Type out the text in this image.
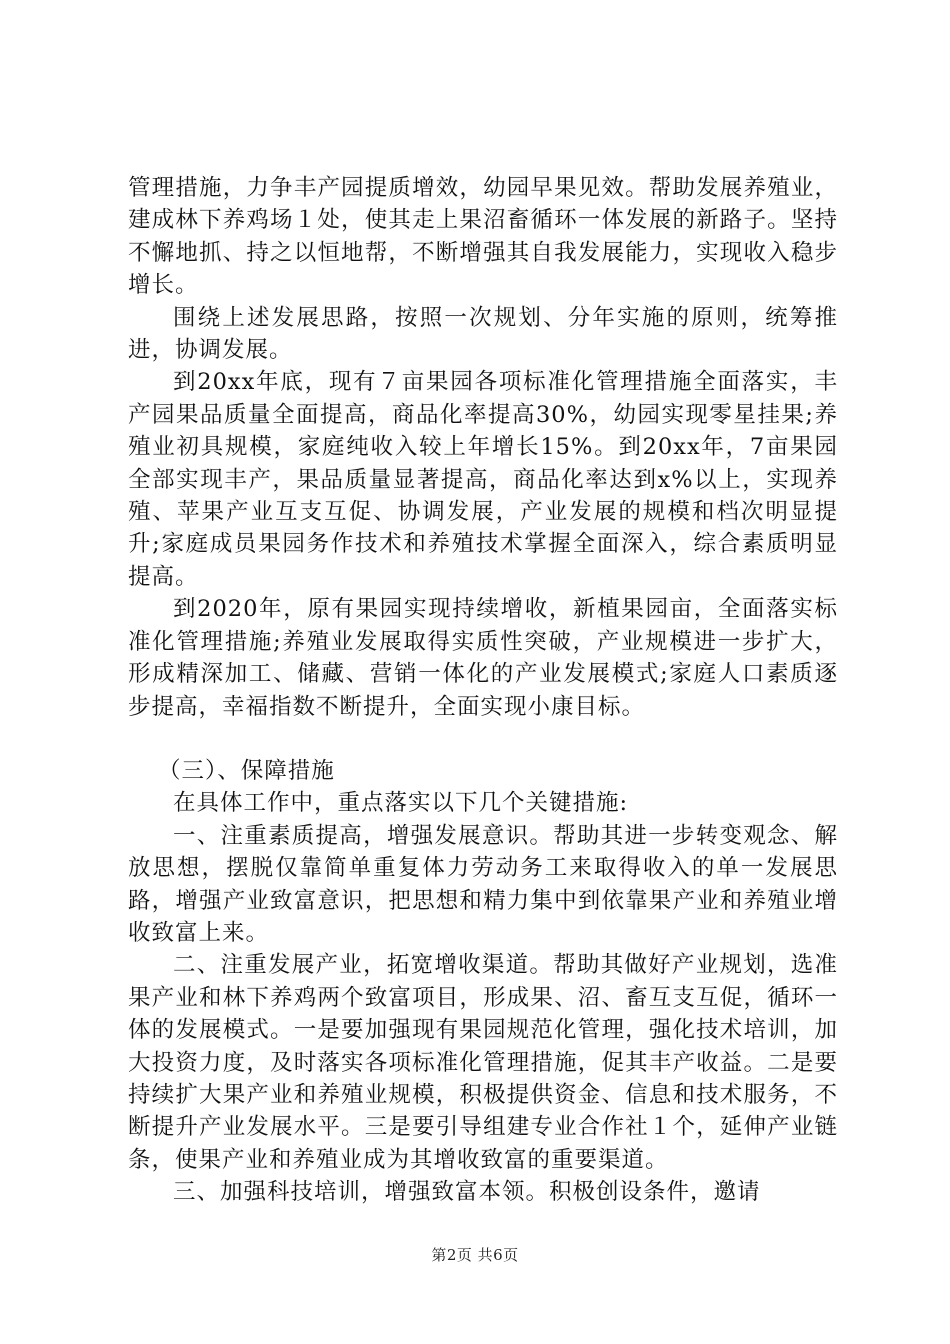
管理措施，力争丰产园提质增效，幼园早果见效。帮助发展养殖业，建成林下养鸡场１处，使其走上果沼畜循环一体发展的新路子。坚持不懈地抓、持之以恒地帮，不断增强其自我发展能力，实现收入稳步增长。

围绕上述发展思路，按照一次规划、分年实施的原则，统筹推进，协调发展。

到20xx年底，现有７亩果园各项标准化管理措施全面落实，丰产园果品质量全面提高，商品化率提高30%，幼园实现零星挂果;养殖业初具规模，家庭纯收入较上年增长15%。到20xx年，7亩果园全部实现丰产，果品质量显著提高，商品化率达到x%以上，实现养殖、苹果产业互支互促、协调发展，产业发展的规模和档次明显提升;家庭成员果园务作技术和养殖技术掌握全面深入，综合素质明显提高。

到2020年，原有果园实现持续增收，新植果园亩，全面落实标准化管理措施;养殖业发展取得实质性突破，产业规模进一步扩大，形成精深加工、储藏、营销一体化的产业发展模式;家庭人口素质逐步提高，幸福指数不断提升，全面实现小康目标。

（三）、保障措施

在具体工作中，重点落实以下几个关键措施:

一、注重素质提高，增强发展意识。帮助其进一步转变观念、解放思想，摆脱仅靠简单重复体力劳动务工来取得收入的单一发展思路，增强产业致富意识，把思想和精力集中到依靠果产业和养殖业增收致富上来。

二、注重发展产业，拓宽增收渠道。帮助其做好产业规划，选准果产业和林下养鸡两个致富项目，形成果、沼、畜互支互促，循环一体的发展模式。一是要加强现有果园规范化管理，强化技术培训，加大投资力度，及时落实各项标准化管理措施，促其丰产收益。二是要持续扩大果产业和养殖业规模，积极提供资金、信息和技术服务，不断提升产业发展水平。三是要引导组建专业合作社１个，延伸产业链条，使果产业和养殖业成为其增收致富的重要渠道。

三、加强科技培训，增强致富本领。积极创设条件，邀请

第2页 共6页
